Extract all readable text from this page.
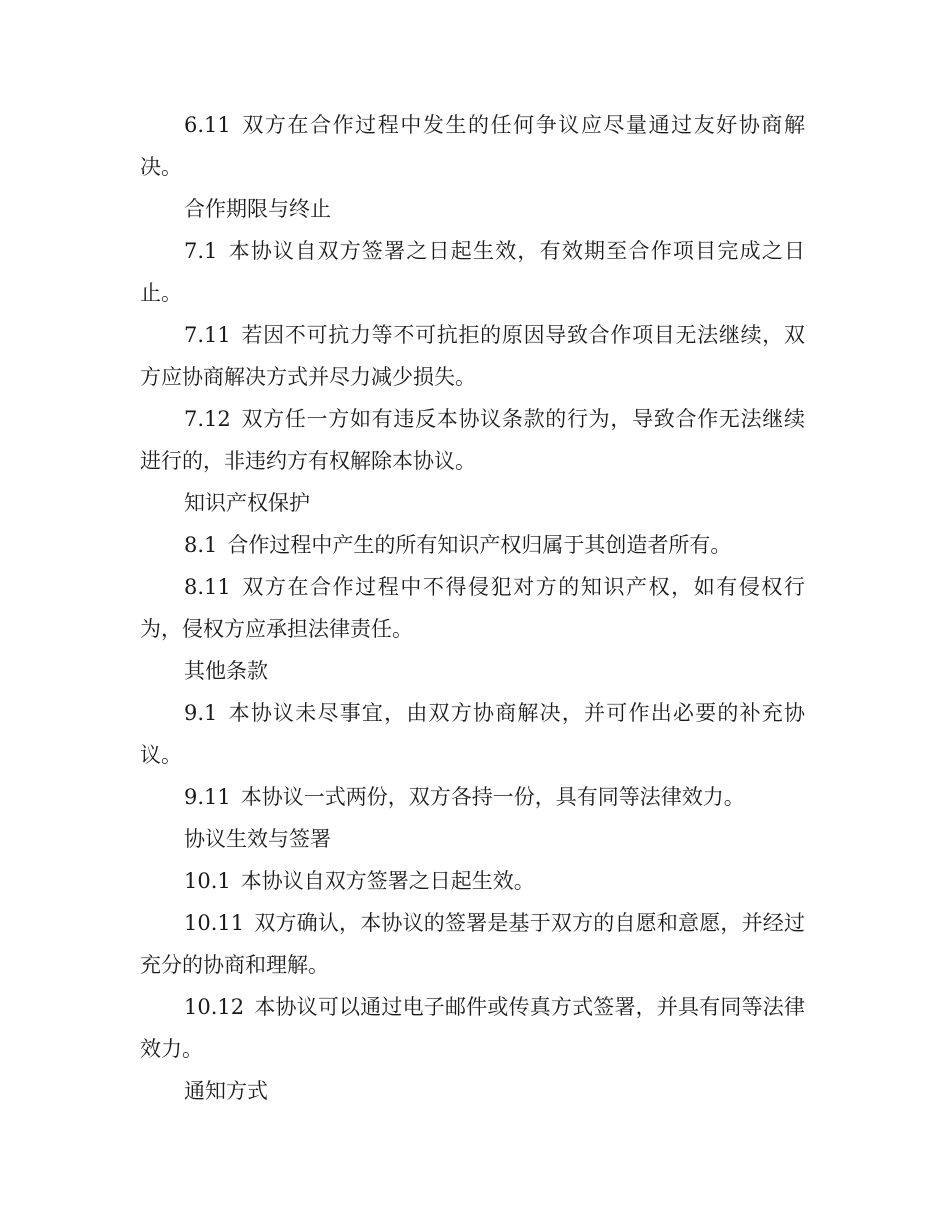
6.11 双方在合作过程中发生的任何争议应尽量通过友好协商解决。

合作期限与终止

7.1 本协议自双方签署之日起生效，有效期至合作项目完成之日止。

7.11 若因不可抗力等不可抗拒的原因导致合作项目无法继续，双方应协商解决方式并尽力减少损失。

7.12 双方任一方如有违反本协议条款的行为，导致合作无法继续进行的，非违约方有权解除本协议。

知识产权保护

8.1 合作过程中产生的所有知识产权归属于其创造者所有。

8.11 双方在合作过程中不得侵犯对方的知识产权，如有侵权行为，侵权方应承担法律责任。

其他条款

9.1 本协议未尽事宜，由双方协商解决，并可作出必要的补充协议。

9.11 本协议一式两份，双方各持一份，具有同等法律效力。

协议生效与签署

10.1 本协议自双方签署之日起生效。

10.11 双方确认，本协议的签署是基于双方的自愿和意愿，并经过充分的协商和理解。

10.12 本协议可以通过电子邮件或传真方式签署，并具有同等法律效力。

通知方式
